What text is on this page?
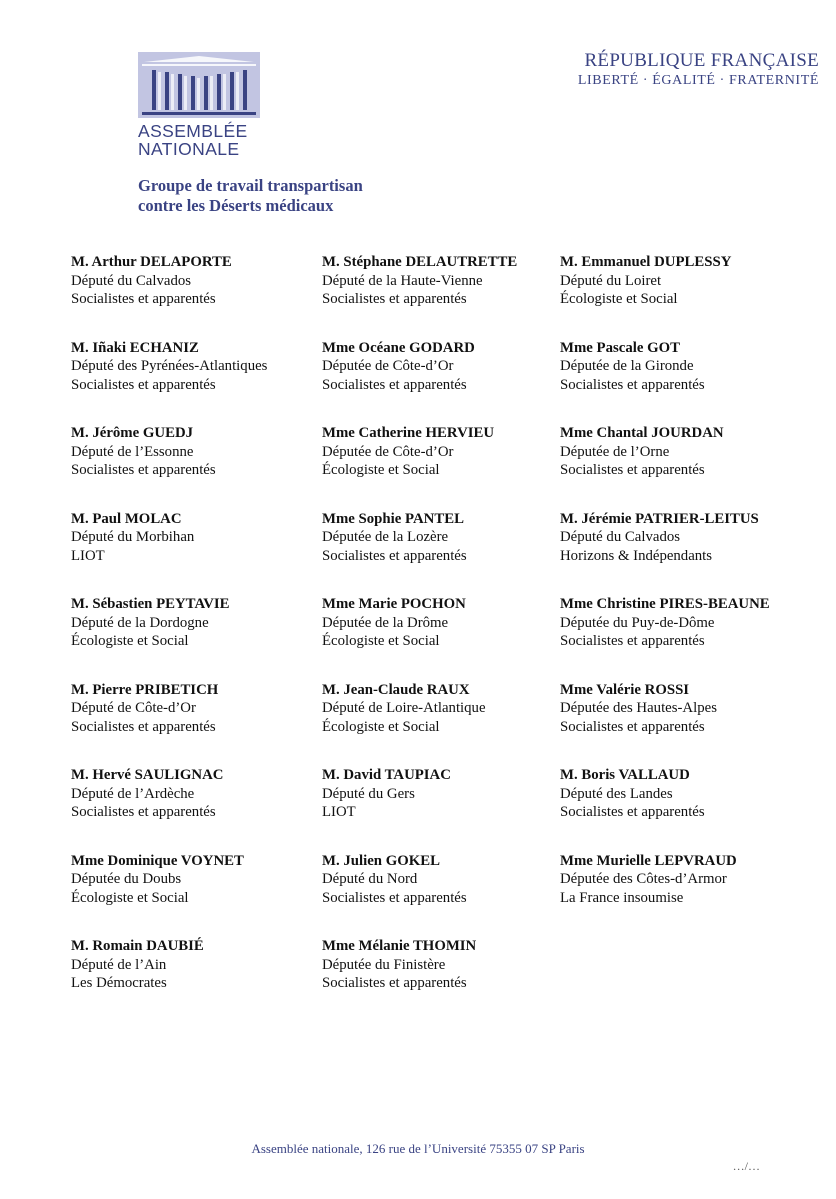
ASSEMBLÉE
NATIONALE
RÉPUBLIQUE FRANÇAISE
LIBERTÉ · ÉGALITÉ · FRATERNITÉ
Groupe de travail transpartisan
contre les Déserts médicaux
M. Arthur DELAPORTE
Député du Calvados
Socialistes et apparentés
M. Stéphane DELAUTRETTE
Député de la Haute-Vienne
Socialistes et apparentés
M. Emmanuel DUPLESSY
Député du Loiret
Écologiste et Social
M. Iñaki ECHANIZ
Député des Pyrénées-Atlantiques
Socialistes et apparentés
Mme Océane GODARD
Députée de Côte-d’Or
Socialistes et apparentés
Mme Pascale GOT
Députée de la Gironde
Socialistes et apparentés
M. Jérôme GUEDJ
Député de l’Essonne
Socialistes et apparentés
Mme Catherine HERVIEU
Députée de Côte-d’Or
Écologiste et Social
Mme Chantal JOURDAN
Députée de l’Orne
Socialistes et apparentés
M. Paul MOLAC
Député du Morbihan
LIOT
Mme Sophie PANTEL
Députée de la Lozère
Socialistes et apparentés
M. Jérémie PATRIER-LEITUS
Député du Calvados
Horizons & Indépendants
M. Sébastien PEYTAVIE
Député de la Dordogne
Écologiste et Social
Mme Marie POCHON
Députée de la Drôme
Écologiste et Social
Mme Christine PIRES-BEAUNE
Députée du Puy-de-Dôme
Socialistes et apparentés
M. Pierre PRIBETICH
Député de Côte-d’Or
Socialistes et apparentés
M. Jean-Claude RAUX
Député de Loire-Atlantique
Écologiste et Social
Mme Valérie ROSSI
Députée des Hautes-Alpes
Socialistes et apparentés
M. Hervé SAULIGNAC
Député de l’Ardèche
Socialistes et apparentés
M. David TAUPIAC
Député du Gers
LIOT
M. Boris VALLAUD
Député des Landes
Socialistes et apparentés
Mme Dominique VOYNET
Députée du Doubs
Écologiste et Social
M. Julien GOKEL
Député du Nord
Socialistes et apparentés
Mme Murielle LEPVRAUD
Députée des Côtes-d’Armor
La France insoumise
M. Romain DAUBIÉ
Député de l’Ain
Les Démocrates
Mme Mélanie THOMIN
Députée du Finistère
Socialistes et apparentés
Assemblée nationale, 126 rue de l’Université 75355 07 SP Paris
…/…
